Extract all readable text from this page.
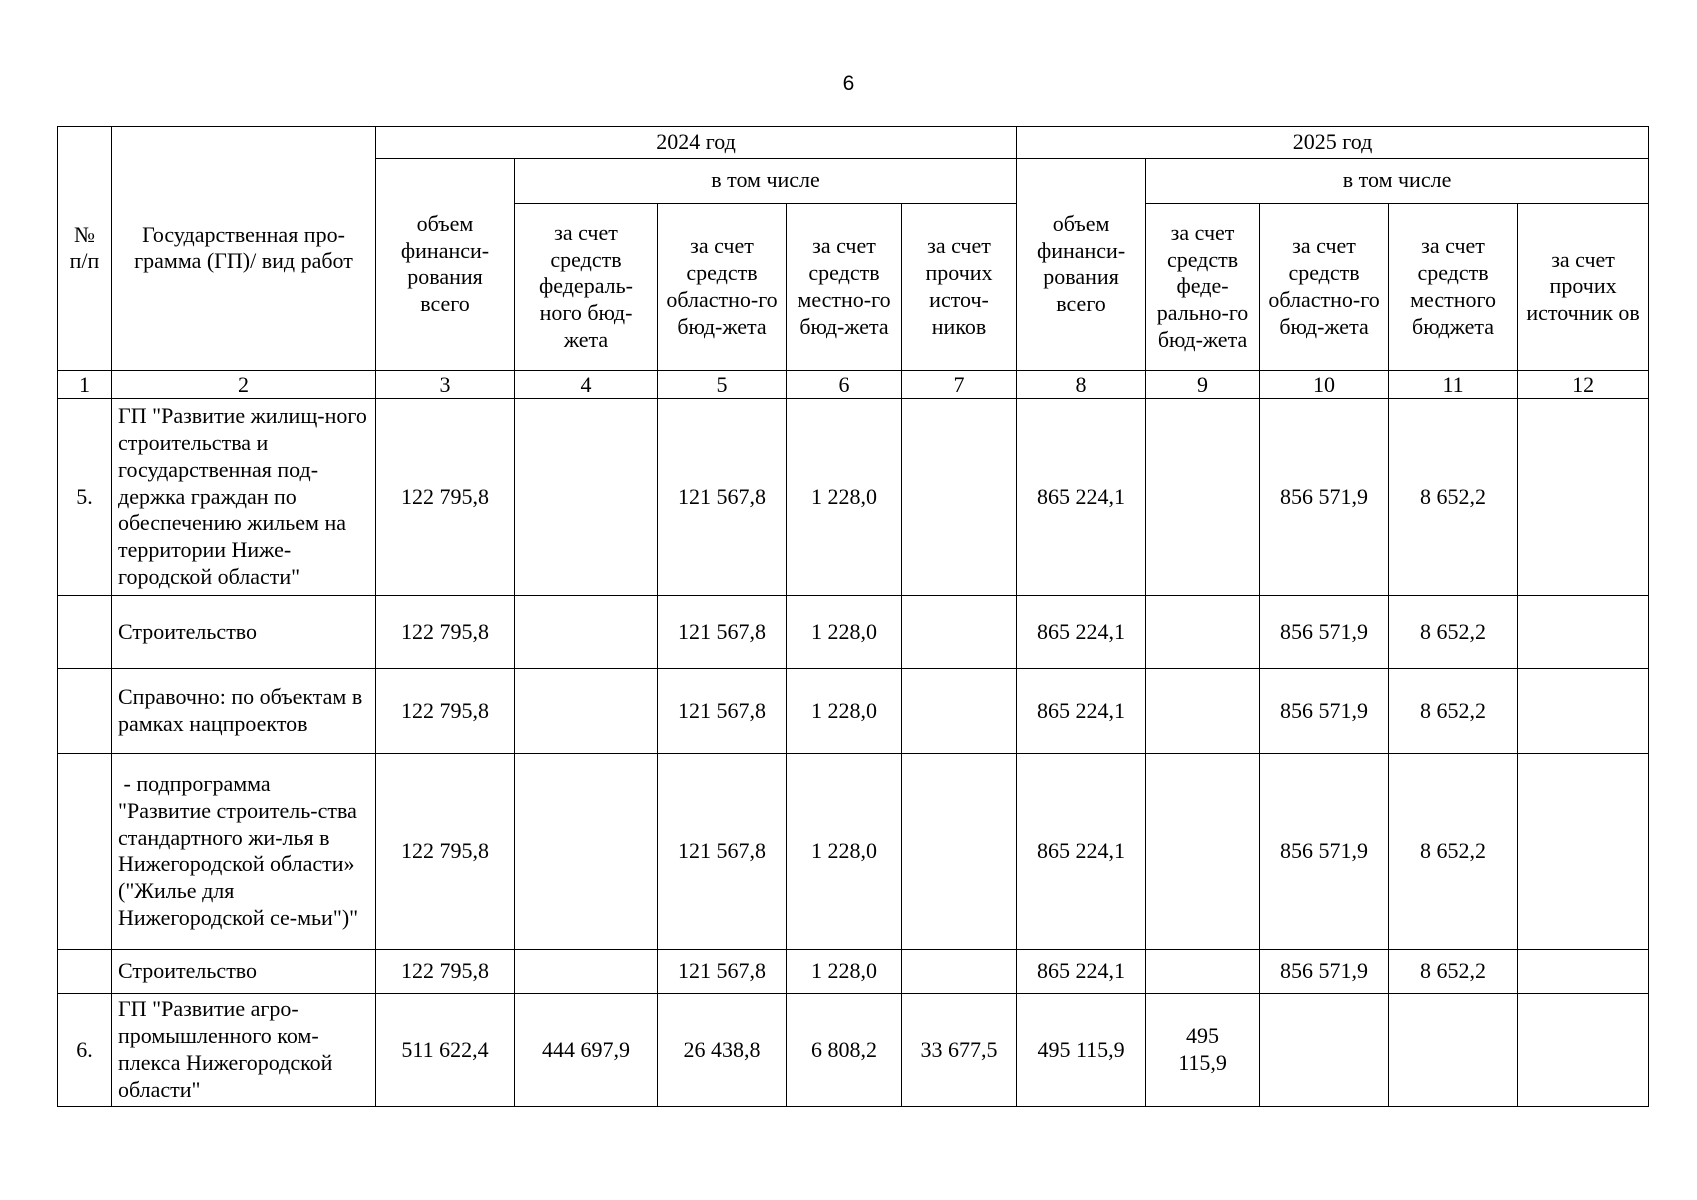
6
№ п/п	Государственная про-грамма (ГП)/ вид работ	2024 год					2025 год				
		объем финанси-рования всего	в том числе				объем финанси-рования всего	в том числе			
			за счет средств федераль-ного бюд-жета	за счет средств областно-го бюд-жета	за счет средств местно-го бюд-жета	за счет прочих источ-ников		за счет средств феде-рально-го бюд-жета	за счет средств областно-го бюд-жета	за счет средств местного бюджета	за счет прочих источник ов
1	2	3	4	5	6	7	8	9	10	11	12
5.	ГП "Развитие жилищ-ного строительства и государственная под-держка граждан по обеспечению жильем на территории Ниже-городской области"	122 795,8		121 567,8	1 228,0		865 224,1		856 571,9	8 652,2	
	Строительство	122 795,8		121 567,8	1 228,0		865 224,1		856 571,9	8 652,2	
	Справочно: по объектам в рамках нацпроектов	122 795,8		121 567,8	1 228,0		865 224,1		856 571,9	8 652,2	
	- подпрограмма "Развитие строитель-ства стандартного жи-лья в Нижегородской области» ("Жилье для Нижегородской се-мьи")"	122 795,8		121 567,8	1 228,0		865 224,1		856 571,9	8 652,2	
	Строительство	122 795,8		121 567,8	1 228,0		865 224,1		856 571,9	8 652,2	
6.	ГП "Развитие агро-промышленного ком-плекса Нижегородской области"	511 622,4	444 697,9	26 438,8	6 808,2	33 677,5	495 115,9	495 115,9			
